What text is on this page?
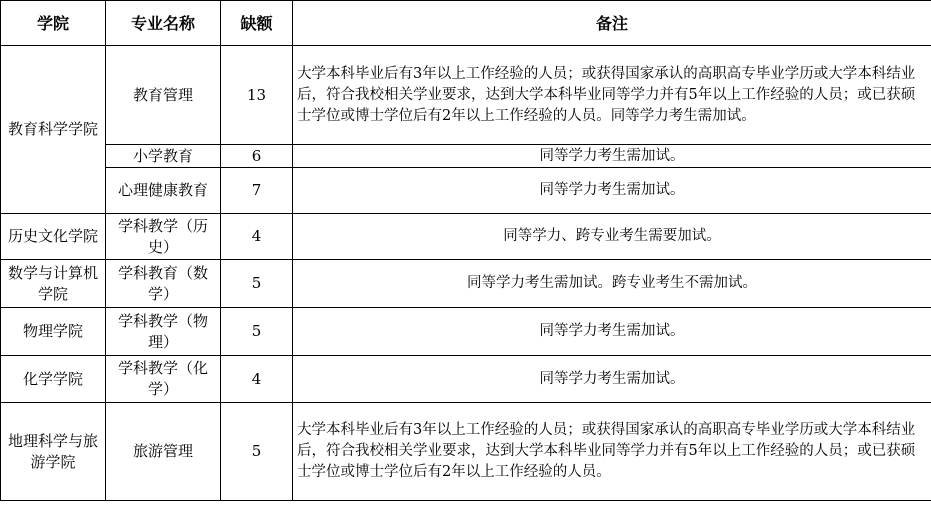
学院	专业名称	缺额	备注
教育科学学院	教育管理	13	大学本科毕业后有3年以上工作经验的人员；或获得国家承认的高职高专毕业学历或大学本科结业后，符合我校相关学业要求，达到大学本科毕业同等学力并有5年以上工作经验的人员；或已获硕士学位或博士学位后有2年以上工作经验的人员。同等学力考生需加试。
	小学教育	6	同等学力考生需加试。
	心理健康教育	7	同等学力考生需加试。
历史文化学院	学科教学（历史）	4	同等学力、跨专业考生需要加试。
数学与计算机学院	学科教育（数学）	5	同等学力考生需加试。跨专业考生不需加试。
物理学院	学科教学（物理）	5	同等学力考生需加试。
化学学院	学科教学（化学）	4	同等学力考生需加试。
地理科学与旅游学院	旅游管理	5	大学本科毕业后有3年以上工作经验的人员；或获得国家承认的高职高专毕业学历或大学本科结业后，符合我校相关学业要求，达到大学本科毕业同等学力并有5年以上工作经验的人员；或已获硕士学位或博士学位后有2年以上工作经验的人员。
